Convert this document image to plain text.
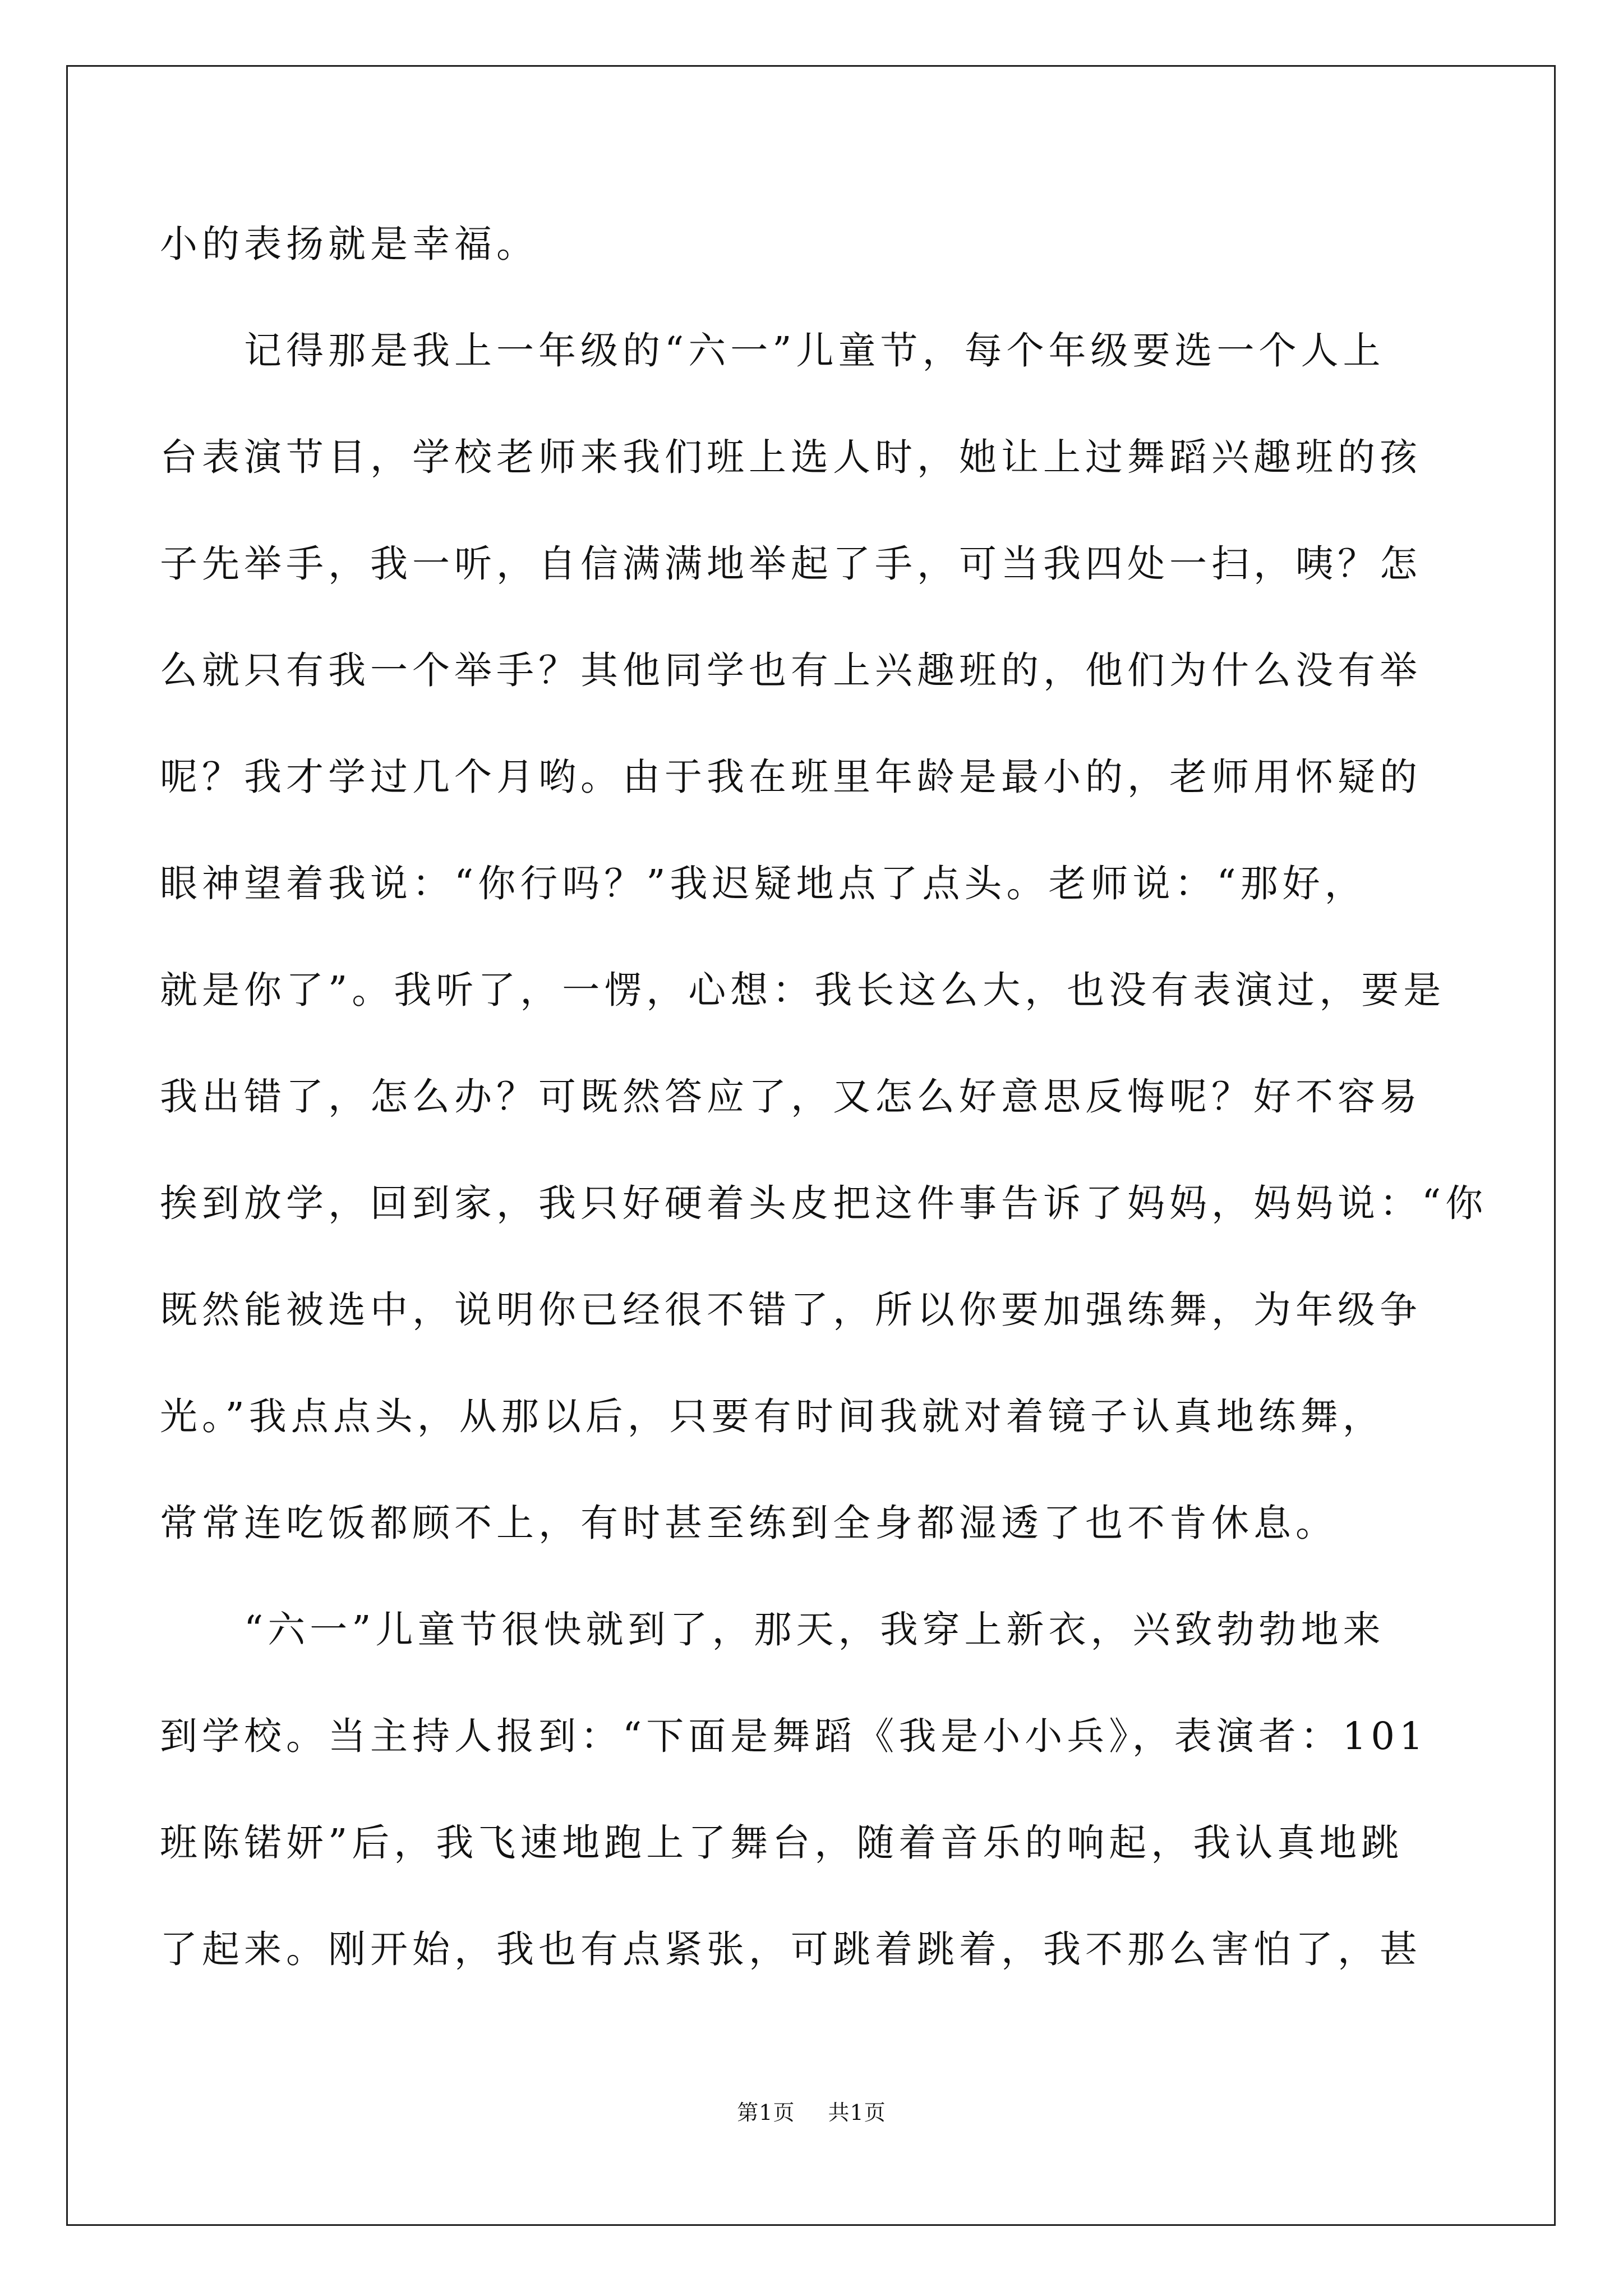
小的表扬就是幸福。
记得那是我上一年级的“六一”儿童节，每个年级要选一个人上
台表演节目，学校老师来我们班上选人时，她让上过舞蹈兴趣班的孩
子先举手，我一听，自信满满地举起了手，可当我四处一扫，咦？怎
么就只有我一个举手？其他同学也有上兴趣班的，他们为什么没有举
呢？我才学过几个月哟。由于我在班里年龄是最小的，老师用怀疑的
眼神望着我说：“你行吗？”我迟疑地点了点头。老师说：“那好，
就是你了”。我听了，一愣，心想：我长这么大，也没有表演过，要是
我出错了，怎么办？可既然答应了，又怎么好意思反悔呢？好不容易
挨到放学，回到家，我只好硬着头皮把这件事告诉了妈妈，妈妈说：“你
既然能被选中，说明你已经很不错了，所以你要加强练舞，为年级争
光。”我点点头，从那以后，只要有时间我就对着镜子认真地练舞，
常常连吃饭都顾不上，有时甚至练到全身都湿透了也不肯休息。
“六一”儿童节很快就到了，那天，我穿上新衣，兴致勃勃地来
到学校。当主持人报到：“下面是舞蹈《我是小小兵》，表演者：101
班陈锘妍”后，我飞速地跑上了舞台，随着音乐的响起，我认真地跳
了起来。刚开始，我也有点紧张，可跳着跳着，我不那么害怕了，甚
第1页 共1页
